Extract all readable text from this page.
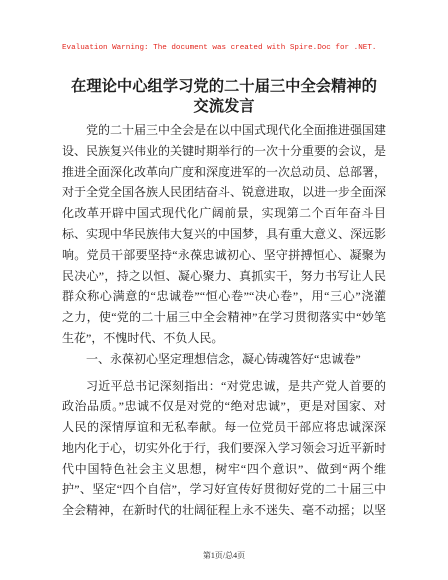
Evaluation Warning: The document was created with Spire.Doc for .NET.
在理论中心组学习党的二十届三中全会精神的
交流发言
党的二十届三中全会是在以中国式现代化全面推进强国建
设、民族复兴伟业的关键时期举行的一次十分重要的会议，是
推进全面深化改革向广度和深度进军的一次总动员、总部署，
对于全党全国各族人民团结奋斗、锐意进取，以进一步全面深
化改革开辟中国式现代化广阔前景，实现第二个百年奋斗目
标、实现中华民族伟大复兴的中国梦，具有重大意义、深远影
响。党员干部要坚持“永葆忠诚初心、坚守拼搏恒心、凝聚为
民决心”，持之以恒、凝心聚力、真抓实干，努力书写让人民
群众称心满意的“忠诚卷”“恒心卷”“决心卷”，用“三心”浇灌
之力，使“党的二十届三中全会精神”在学习贯彻落实中“妙笔
生花”，不愧时代、不负人民。
一、永葆初心坚定理想信念，凝心铸魂答好“忠诚卷”
习近平总书记深刻指出：“对党忠诚，是共产党人首要的
政治品质。”忠诚不仅是对党的“绝对忠诚”，更是对国家、对
人民的深情厚谊和无私奉献。每一位党员干部应将忠诚深深
地内化于心，切实外化于行，我们要深入学习领会习近平新时
代中国特色社会主义思想，树牢“四个意识”、做到“两个维
护”、坚定“四个自信”，学习好宣传好贯彻好党的二十届三中
全会精神，在新时代的壮阔征程上永不迷失、毫不动摇；以坚
第1页/总4页
